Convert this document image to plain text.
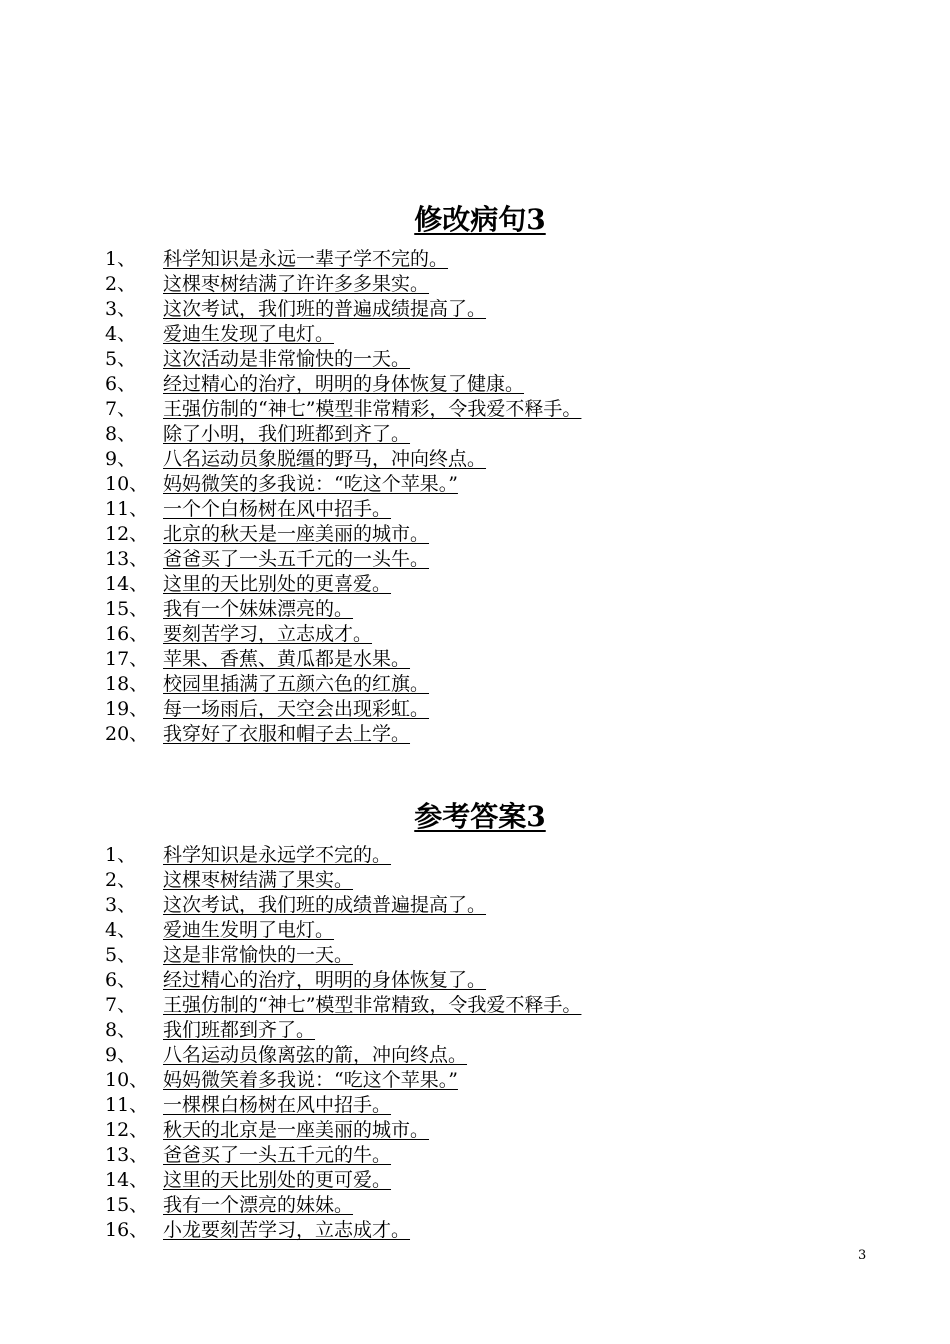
修改病句3
1、 科学知识是永远一辈子学不完的。
2、 这棵枣树结满了许许多多果实。
3、 这次考试，我们班的普遍成绩提高了。
4、 爱迪生发现了电灯。
5、 这次活动是非常愉快的一天。
6、 经过精心的治疗，明明的身体恢复了健康。
7、 王强仿制的“神七”模型非常精彩，令我爱不释手。
8、 除了小明，我们班都到齐了。
9、 八名运动员象脱缰的野马，冲向终点。
10、 妈妈微笑的多我说：“吃这个苹果。”
11、 一个个白杨树在风中招手。
12、 北京的秋天是一座美丽的城市。
13、 爸爸买了一头五千元的一头牛。
14、 这里的天比别处的更喜爱。
15、 我有一个妹妹漂亮的。
16、 要刻苦学习，立志成才。
17、 苹果、香蕉、黄瓜都是水果。
18、 校园里插满了五颜六色的红旗。
19、 每一场雨后，天空会出现彩虹。
20、 我穿好了衣服和帽子去上学。
参考答案3
1、 科学知识是永远学不完的。
2、 这棵枣树结满了果实。
3、 这次考试，我们班的成绩普遍提高了。
4、 爱迪生发明了电灯。
5、 这是非常愉快的一天。
6、 经过精心的治疗，明明的身体恢复了。
7、 王强仿制的“神七”模型非常精致，令我爱不释手。
8、 我们班都到齐了。
9、 八名运动员像离弦的箭，冲向终点。
10、 妈妈微笑着多我说：“吃这个苹果。”
11、 一棵棵白杨树在风中招手。
12、 秋天的北京是一座美丽的城市。
13、 爸爸买了一头五千元的牛。
14、 这里的天比别处的更可爱。
15、 我有一个漂亮的妹妹。
16、 小龙要刻苦学习，立志成才。
3
